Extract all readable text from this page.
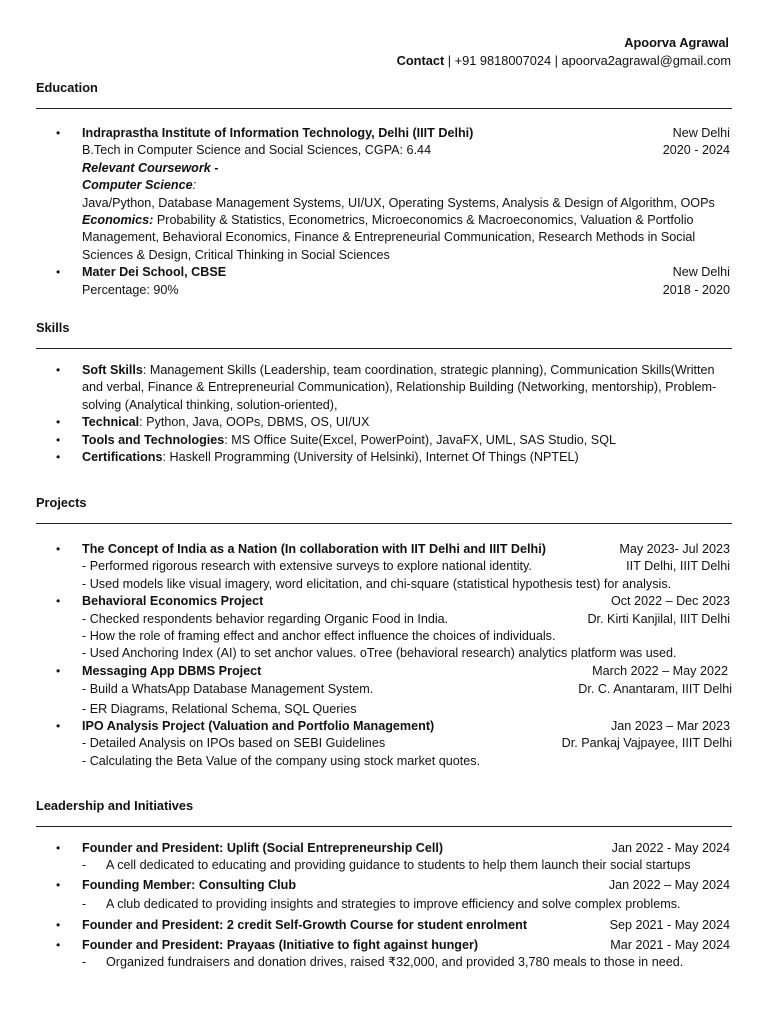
Apoorva Agrawal
Contact | +91 9818007024 | apoorva2agrawal@gmail.com
Education
• Indraprastha Institute of Information Technology, Delhi (IIIT Delhi)	New Delhi
B.Tech in Computer Science and Social Sciences, CGPA: 6.44	2020 - 2024
Relevant Coursework -
Computer Science:
Java/Python, Database Management Systems, UI/UX, Operating Systems, Analysis & Design of Algorithm, OOPs
Economics: Probability & Statistics, Econometrics, Microeconomics & Macroeconomics, Valuation & Portfolio Management, Behavioral Economics, Finance & Entrepreneurial Communication, Research Methods in Social Sciences & Design, Critical Thinking in Social Sciences
• Mater Dei School, CBSE	New Delhi
Percentage: 90%	2018 - 2020
Skills
• Soft Skills: Management Skills (Leadership, team coordination, strategic planning), Communication Skills(Written and verbal, Finance & Entrepreneurial Communication), Relationship Building (Networking, mentorship), Problem-solving (Analytical thinking, solution-oriented),
• Technical: Python, Java, OOPs, DBMS, OS, UI/UX
• Tools and Technologies: MS Office Suite(Excel, PowerPoint), JavaFX, UML, SAS Studio, SQL
• Certifications: Haskell Programming (University of Helsinki), Internet Of Things (NPTEL)
Projects
• The Concept of India as a Nation (In collaboration with IIT Delhi and IIIT Delhi)	May 2023- Jul 2023
- Performed rigorous research with extensive surveys to explore national identity.	IIT Delhi, IIIT Delhi
- Used models like visual imagery, word elicitation, and chi-square (statistical hypothesis test) for analysis.
• Behavioral Economics Project	Oct 2022 – Dec 2023
- Checked respondents behavior regarding Organic Food in India.	Dr. Kirti Kanjilal, IIIT Delhi
- How the role of framing effect and anchor effect influence the choices of individuals.
- Used Anchoring Index (AI) to set anchor values. oTree (behavioral research) analytics platform was used.
• Messaging App DBMS Project	March 2022 – May 2022
- Build a WhatsApp Database Management System.	Dr. C. Anantaram, IIIT Delhi
- ER Diagrams, Relational Schema, SQL Queries
• IPO Analysis Project (Valuation and Portfolio Management)	Jan 2023 – Mar 2023
- Detailed Analysis on IPOs based on SEBI Guidelines	Dr. Pankaj Vajpayee, IIIT Delhi
- Calculating the Beta Value of the company using stock market quotes.
Leadership and Initiatives
• Founder and President: Uplift (Social Entrepreneurship Cell)	Jan 2022 - May 2024
- A cell dedicated to educating and providing guidance to students to help them launch their social startups
• Founding Member: Consulting Club	Jan 2022 – May 2024
- A club dedicated to providing insights and strategies to improve efficiency and solve complex problems.
• Founder and President: 2 credit Self-Growth Course for student enrolment	Sep 2021 - May 2024
• Founder and President: Prayaas (Initiative to fight against hunger)	Mar 2021 - May 2024
- Organized fundraisers and donation drives, raised ₹32,000, and provided 3,780 meals to those in need.
